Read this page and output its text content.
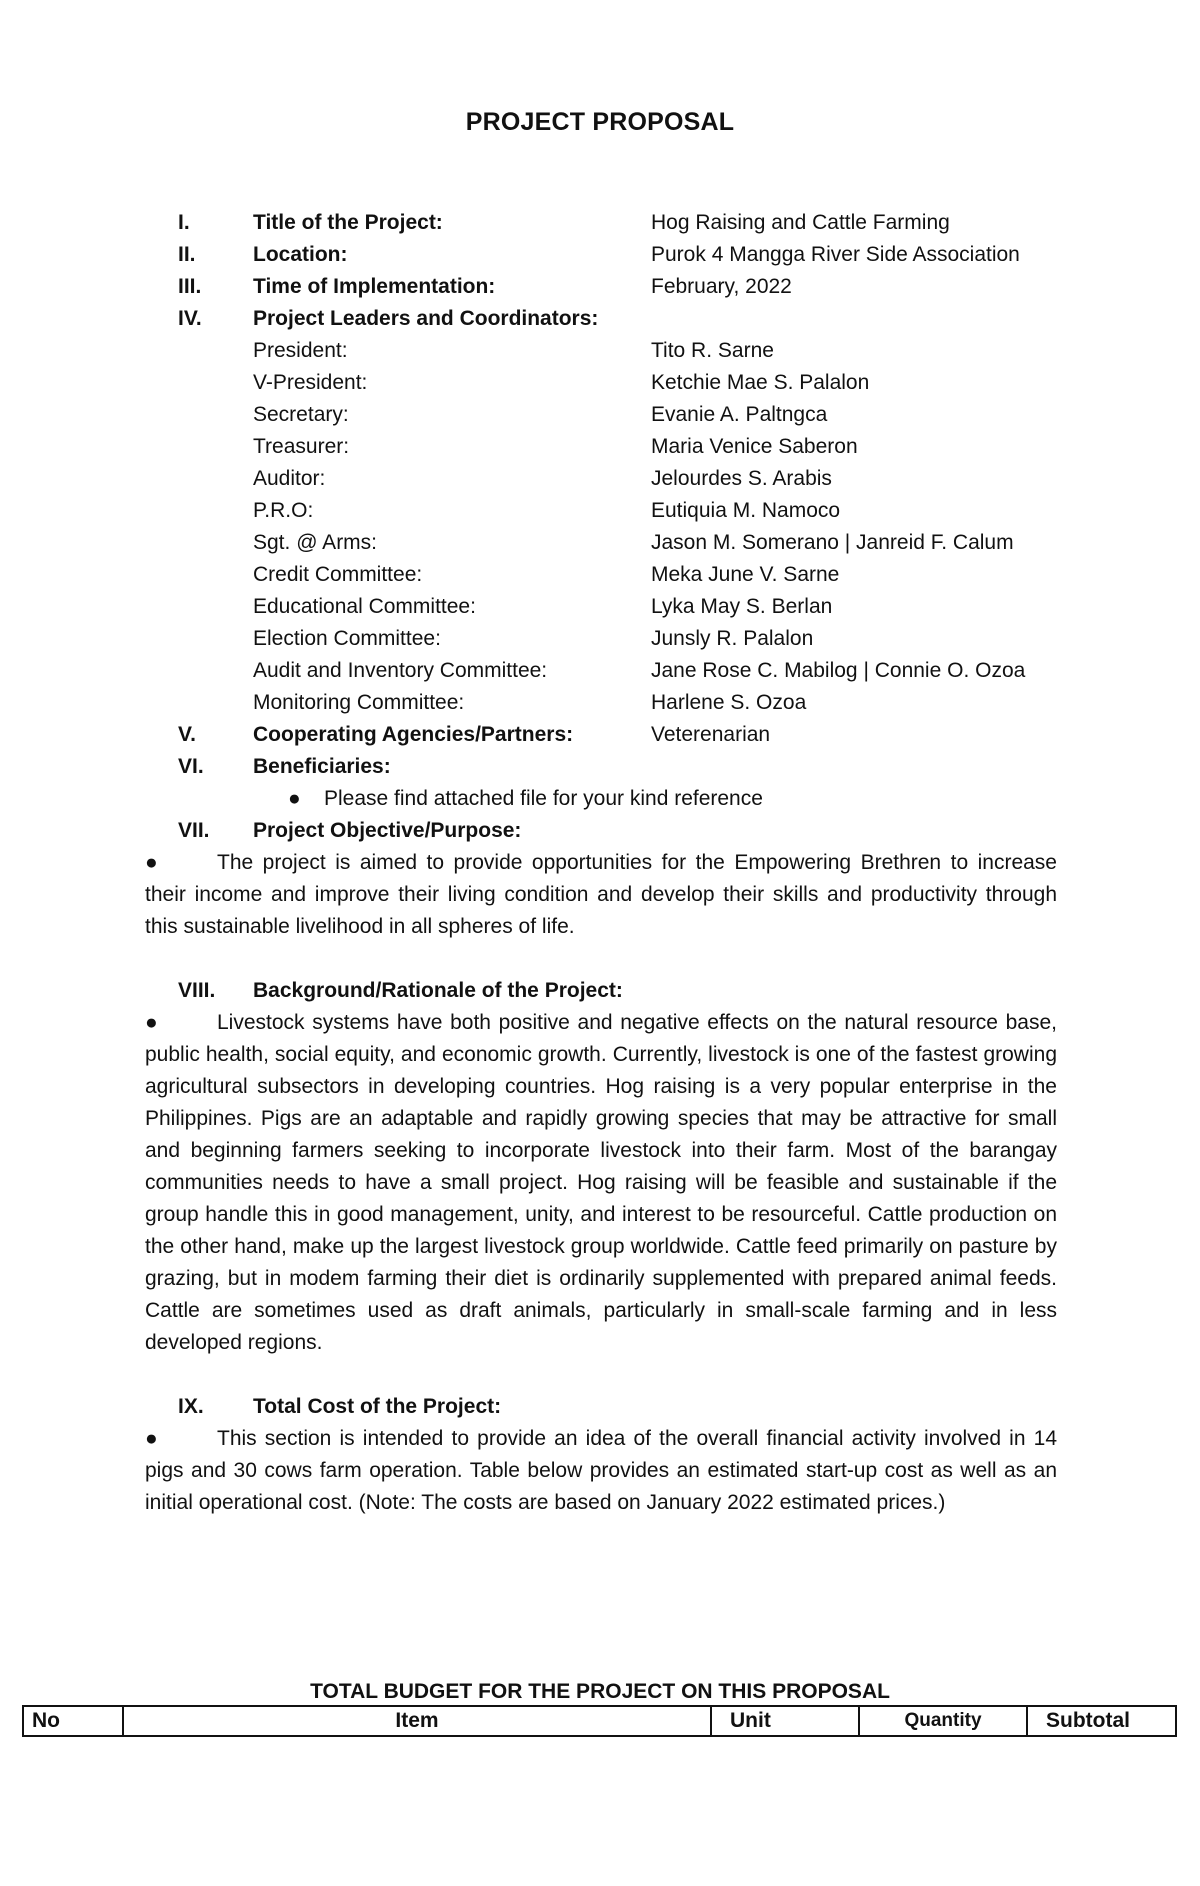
PROJECT PROPOSAL
I.	Title of the Project:	Hog Raising and Cattle Farming
II.	Location:	Purok 4 Mangga River Side Association
III. Time of Implementation:	February, 2022
IV. Project Leaders and Coordinators:
President:	Tito R. Sarne
V-President:	Ketchie Mae S. Palalon
Secretary:	Evanie A. Paltngca
Treasurer:	Maria Venice Saberon
Auditor:	Jelourdes S. Arabis
P.R.O:	Eutiquia M. Namoco
Sgt. @ Arms:	Jason M. Somerano | Janreid F. Calum
Credit Committee:	Meka June V. Sarne
Educational Committee:	Lyka May S. Berlan
Election Committee:	Junsly R. Palalon
Audit and Inventory Committee:	Jane Rose C. Mabilog | Connie O. Ozoa
Monitoring Committee:	Harlene S. Ozoa
V.	Cooperating Agencies/Partners:	Veterenarian
VI. Beneficiaries:
● Please find attached file for your kind reference
VII. Project Objective/Purpose:
●	The project is aimed to provide opportunities for the Empowering Brethren to increase their income and improve their living condition and develop their skills and productivity through this sustainable livelihood in all spheres of life.
VIII. Background/Rationale of the Project:
●	Livestock systems have both positive and negative effects on the natural resource base, public health, social equity, and economic growth. Currently, livestock is one of the fastest growing agricultural subsectors in developing countries. Hog raising is a very popular enterprise in the Philippines. Pigs are an adaptable and rapidly growing species that may be attractive for small and beginning farmers seeking to incorporate livestock into their farm. Most of the barangay communities needs to have a small project. Hog raising will be feasible and sustainable if the group handle this in good management, unity, and interest to be resourceful. Cattle production on the other hand, make up the largest livestock group worldwide. Cattle feed primarily on pasture by grazing, but in modem farming their diet is ordinarily supplemented with prepared animal feeds. Cattle are sometimes used as draft animals, particularly in small-scale farming and in less developed regions.
IX. Total Cost of the Project:
●	This section is intended to provide an idea of the overall financial activity involved in 14 pigs and 30 cows farm operation. Table below provides an estimated start-up cost as well as an initial operational cost. (Note: The costs are based on January 2022 estimated prices.)
TOTAL BUDGET FOR THE PROJECT ON THIS PROPOSAL
No	Item	Unit	Quantity	Subtotal
